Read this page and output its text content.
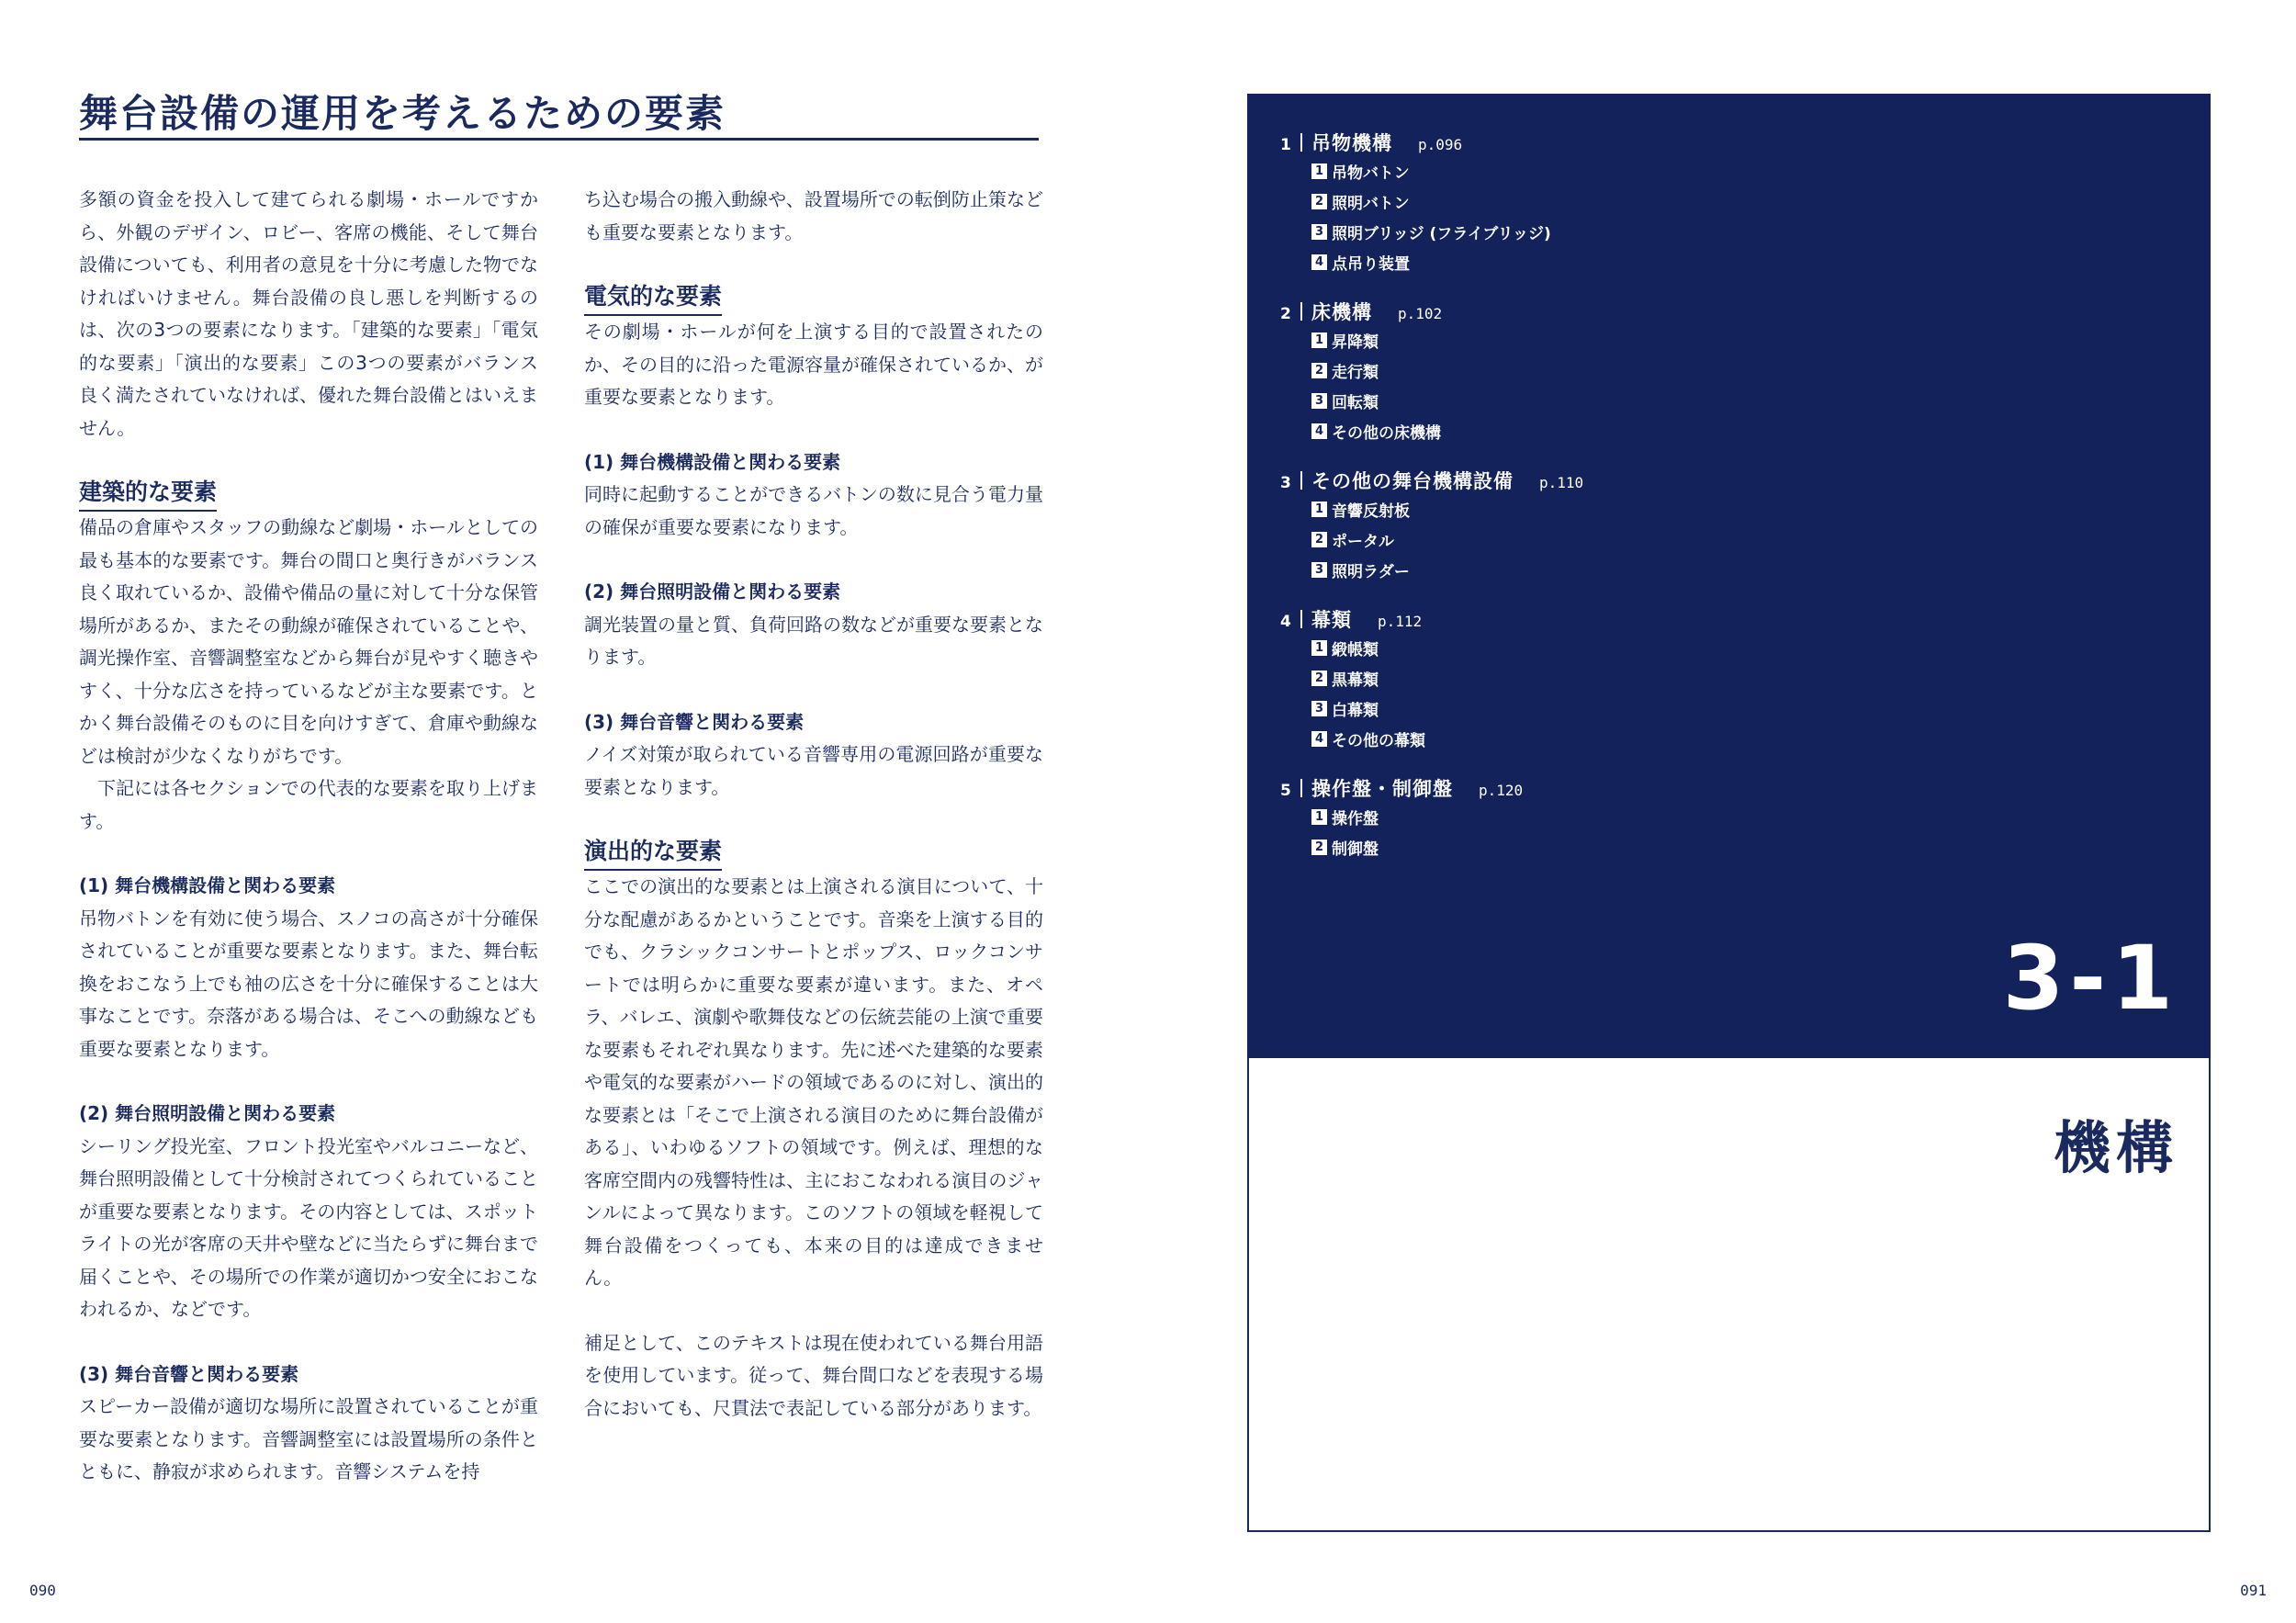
舞台設備の運用を考えるための要素

多額の資金を投入して建てられる劇場・ホールですから、外観のデザイン、ロビー、客席の機能、そして舞台設備についても、利用者の意見を十分に考慮した物でなければいけません。舞台設備の良し悪しを判断するのは、次の3つの要素になります。「建築的な要素」「電気的な要素」「演出的な要素」この3つの要素がバランス良く満たされていなければ、優れた舞台設備とはいえません。

建築的な要素

備品の倉庫やスタッフの動線など劇場・ホールとしての最も基本的な要素です。舞台の間口と奥行きがバランス良く取れているか、設備や備品の量に対して十分な保管場所があるか、またその動線が確保されていることや、調光操作室、音響調整室などから舞台が見やすく聴きやすく、十分な広さを持っているなどが主な要素です。とかく舞台設備そのものに目を向けすぎて、倉庫や動線などは検討が少なくなりがちです。

下記には各セクションでの代表的な要素を取り上げます。

(1) 舞台機構設備と関わる要素

吊物バトンを有効に使う場合、スノコの高さが十分確保されていることが重要な要素となります。また、舞台転換をおこなう上でも袖の広さを十分に確保することは大事なことです。奈落がある場合は、そこへの動線なども重要な要素となります。

(2) 舞台照明設備と関わる要素

シーリング投光室、フロント投光室やバルコニーなど、舞台照明設備として十分検討されてつくられていることが重要な要素となります。その内容としては、スポットライトの光が客席の天井や壁などに当たらずに舞台まで届くことや、その場所での作業が適切かつ安全におこなわれるか、などです。

(3) 舞台音響と関わる要素

スピーカー設備が適切な場所に設置されていることが重要な要素となります。音響調整室には設置場所の条件とともに、静寂が求められます。音響システムを持

ち込む場合の搬入動線や、設置場所での転倒防止策なども重要な要素となります。

電気的な要素

その劇場・ホールが何を上演する目的で設置されたのか、その目的に沿った電源容量が確保されているか、が重要な要素となります。

(1) 舞台機構設備と関わる要素

同時に起動することができるバトンの数に見合う電力量の確保が重要な要素になります。

(2) 舞台照明設備と関わる要素

調光装置の量と質、負荷回路の数などが重要な要素となります。

(3) 舞台音響と関わる要素

ノイズ対策が取られている音響専用の電源回路が重要な要素となります。

演出的な要素

ここでの演出的な要素とは上演される演目について、十分な配慮があるかということです。音楽を上演する目的でも、クラシックコンサートとポップス、ロックコンサートでは明らかに重要な要素が違います。また、オペラ、バレエ、演劇や歌舞伎などの伝統芸能の上演で重要な要素もそれぞれ異なります。先に述べた建築的な要素や電気的な要素がハードの領域であるのに対し、演出的な要素とは「そこで上演される演目のために舞台設備がある」、いわゆるソフトの領域です。例えば、理想的な客席空間内の残響特性は、主におこなわれる演目のジャンルによって異なります。このソフトの領域を軽視して舞台設備をつくっても、本来の目的は達成できません。

補足として、このテキストは現在使われている舞台用語を使用しています。従って、舞台間口などを表現する場合においても、尺貫法で表記している部分があります。

090
1 吊物機構 p.096
1 吊物バトン
2 照明バトン
3 照明ブリッジ (フライブリッジ)
4 点吊り装置
2 床機構 p.102
1 昇降類
2 走行類
3 回転類
4 その他の床機構
3 その他の舞台機構設備 p.110
1 音響反射板
2 ポータル
3 照明ラダー
4 幕類 p.112
1 緞帳類
2 黒幕類
3 白幕類
4 その他の幕類
5 操作盤・制御盤 p.120
1 操作盤
2 制御盤
3-1
機構
091
